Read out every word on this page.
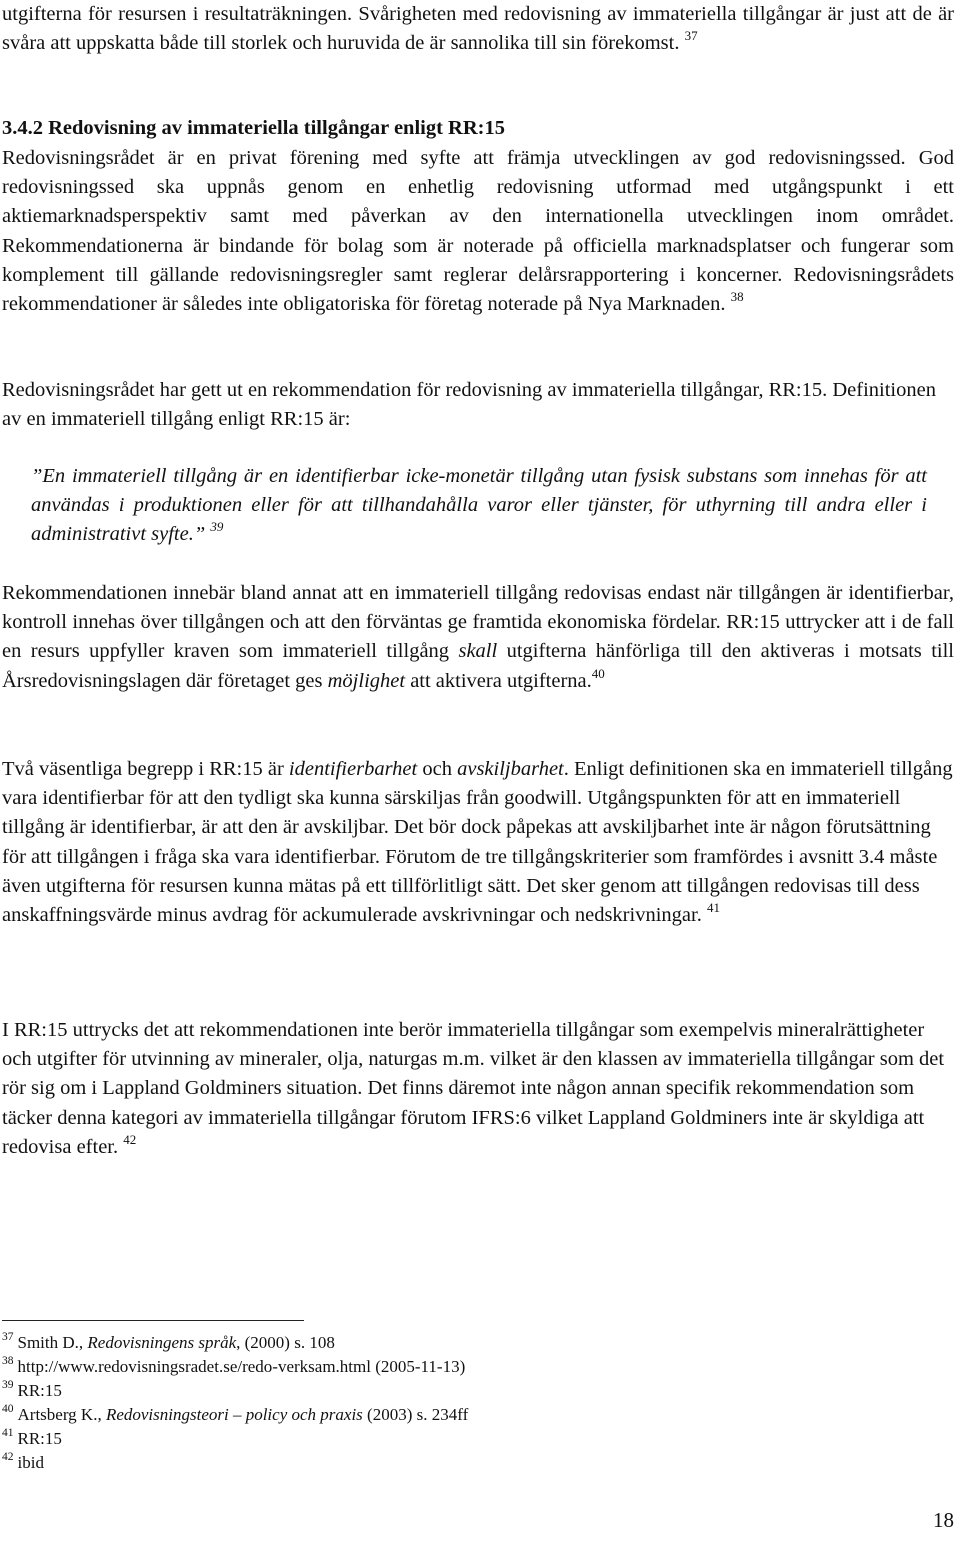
utgifterna för resursen i resultaträkningen. Svårigheten med redovisning av immateriella tillgångar är just att de är svåra att uppskatta både till storlek och huruvida de är sannolika till sin förekomst. $^{37}$

3.4.2 Redovisning av immateriella tillgångar enligt RR:15

Redovisningsrådet är en privat förening med syfte att främja utvecklingen av god redovisningssed. God redovisningssed ska uppnås genom en enhetlig redovisning utformad med utgångspunkt i ett aktiemarknadsperspektiv samt med påverkan av den internationella utvecklingen inom området. Rekommendationerna är bindande för bolag som är noterade på officiella marknadsplatser och fungerar som komplement till gällande redovisningsregler samt reglerar delårsrapportering i koncerner. Redovisningsrådets rekommendationer är således inte obligatoriska för företag noterade på Nya Marknaden. $^{38}$

Redovisningsrådet har gett ut en rekommendation för redovisning av immateriella tillgångar, RR:15. Definitionen av en immateriell tillgång enligt RR:15 är:

”En immateriell tillgång är en identifierbar icke-monetär tillgång utan fysisk substans som innehas för att användas i produktionen eller för att tillhandahålla varor eller tjänster, för uthyrning till andra eller i administrativt syfte.” $^{39}$

Rekommendationen innebär bland annat att en immateriell tillgång redovisas endast när tillgången är identifierbar, kontroll innehas över tillgången och att den förväntas ge framtida ekonomiska fördelar. RR:15 uttrycker att i de fall en resurs uppfyller kraven som immateriell tillgång skall utgifterna hänförliga till den aktiveras i motsats till Årsredovisningslagen där företaget ges möjlighet att aktivera utgifterna.$^{40}$

Två väsentliga begrepp i RR:15 är identifierbarhet och avskiljbarhet. Enligt definitionen ska en immateriell tillgång vara identifierbar för att den tydligt ska kunna särskiljas från goodwill. Utgångspunkten för att en immateriell tillgång är identifierbar, är att den är avskiljbar. Det bör dock påpekas att avskiljbarhet inte är någon förutsättning för att tillgången i fråga ska vara identifierbar. Förutom de tre tillgångskriterier som framfördes i avsnitt 3.4 måste även utgifterna för resursen kunna mätas på ett tillförlitligt sätt. Det sker genom att tillgången redovisas till dess anskaffningsvärde minus avdrag för ackumulerade avskrivningar och nedskrivningar. $^{41}$

I RR:15 uttrycks det att rekommendationen inte berör immateriella tillgångar som exempelvis mineralrättigheter och utgifter för utvinning av mineraler, olja, naturgas m.m. vilket är den klassen av immateriella tillgångar som det rör sig om i Lappland Goldminers situation. Det finns däremot inte någon annan specifik rekommendation som täcker denna kategori av immateriella tillgångar förutom IFRS:6 vilket Lappland Goldminers inte är skyldiga att redovisa efter. $^{42}$

$^{37}$ Smith D., Redovisningens språk, (2000) s. 108
$^{38}$ http://www.redovisningsradet.se/redo-verksam.html (2005-11-13)
$^{39}$ RR:15
$^{40}$ Artsberg K., Redovisningsteori – policy och praxis (2003) s. 234ff
$^{41}$ RR:15
$^{42}$ ibid
18
